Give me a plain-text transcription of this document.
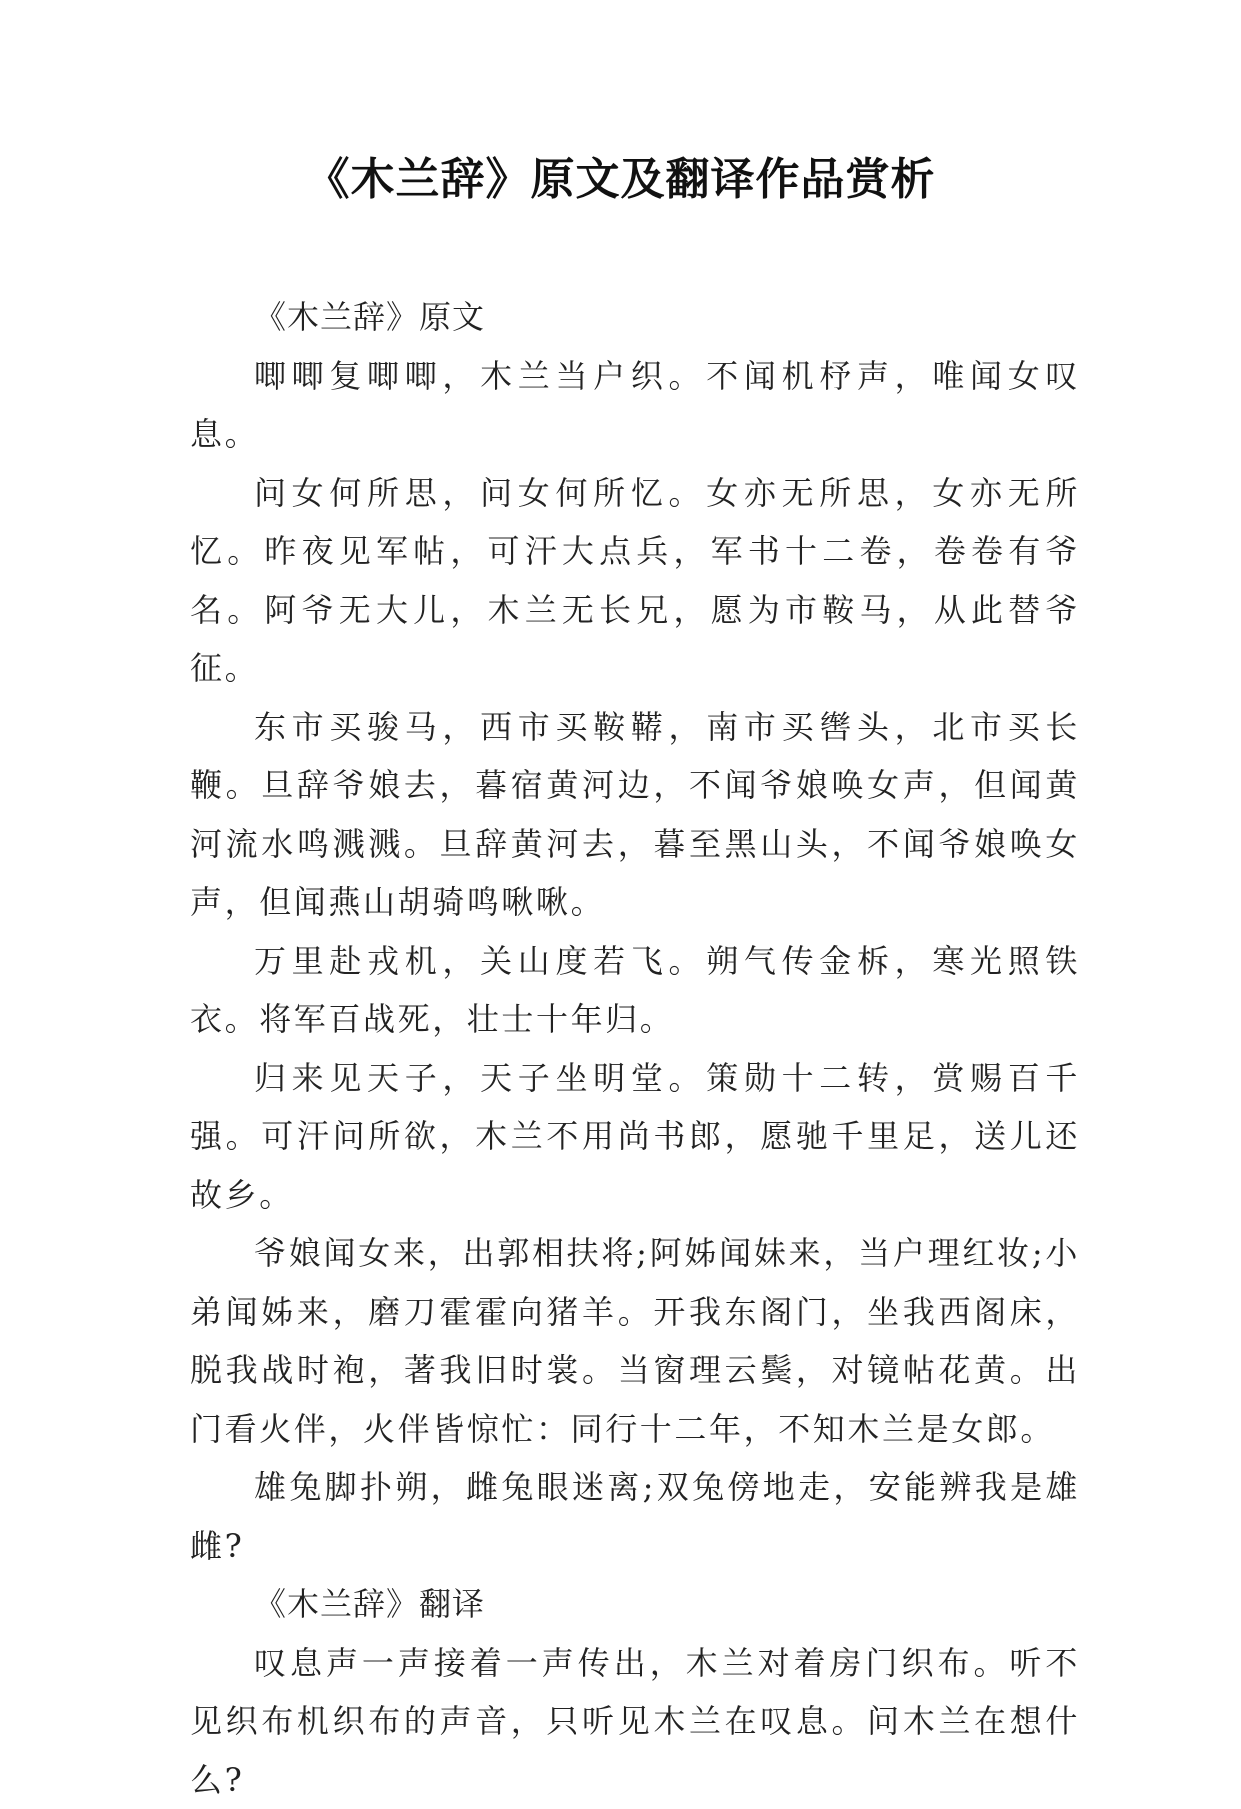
《木兰辞》原文及翻译作品赏析

《木兰辞》原文

唧唧复唧唧，木兰当户织。不闻机杼声，唯闻女叹息。

问女何所思，问女何所忆。女亦无所思，女亦无所忆。昨夜见军帖，可汗大点兵，军书十二卷，卷卷有爷名。阿爷无大儿，木兰无长兄，愿为市鞍马，从此替爷征。

东市买骏马，西市买鞍鞯，南市买辔头，北市买长鞭。旦辞爷娘去，暮宿黄河边，不闻爷娘唤女声，但闻黄河流水鸣溅溅。旦辞黄河去，暮至黑山头，不闻爷娘唤女声，但闻燕山胡骑鸣啾啾。

万里赴戎机，关山度若飞。朔气传金柝，寒光照铁衣。将军百战死，壮士十年归。

归来见天子，天子坐明堂。策勋十二转，赏赐百千强。可汗问所欲，木兰不用尚书郎，愿驰千里足，送儿还故乡。

爷娘闻女来，出郭相扶将;阿姊闻妹来，当户理红妆;小弟闻姊来，磨刀霍霍向猪羊。开我东阁门，坐我西阁床，脱我战时袍，著我旧时裳。当窗理云鬓，对镜帖花黄。出门看火伴，火伴皆惊忙：同行十二年，不知木兰是女郎。

雄兔脚扑朔，雌兔眼迷离;双兔傍地走，安能辨我是雄雌?

《木兰辞》翻译

叹息声一声接着一声传出，木兰对着房门织布。听不见织布机织布的声音，只听见木兰在叹息。问木兰在想什么?
